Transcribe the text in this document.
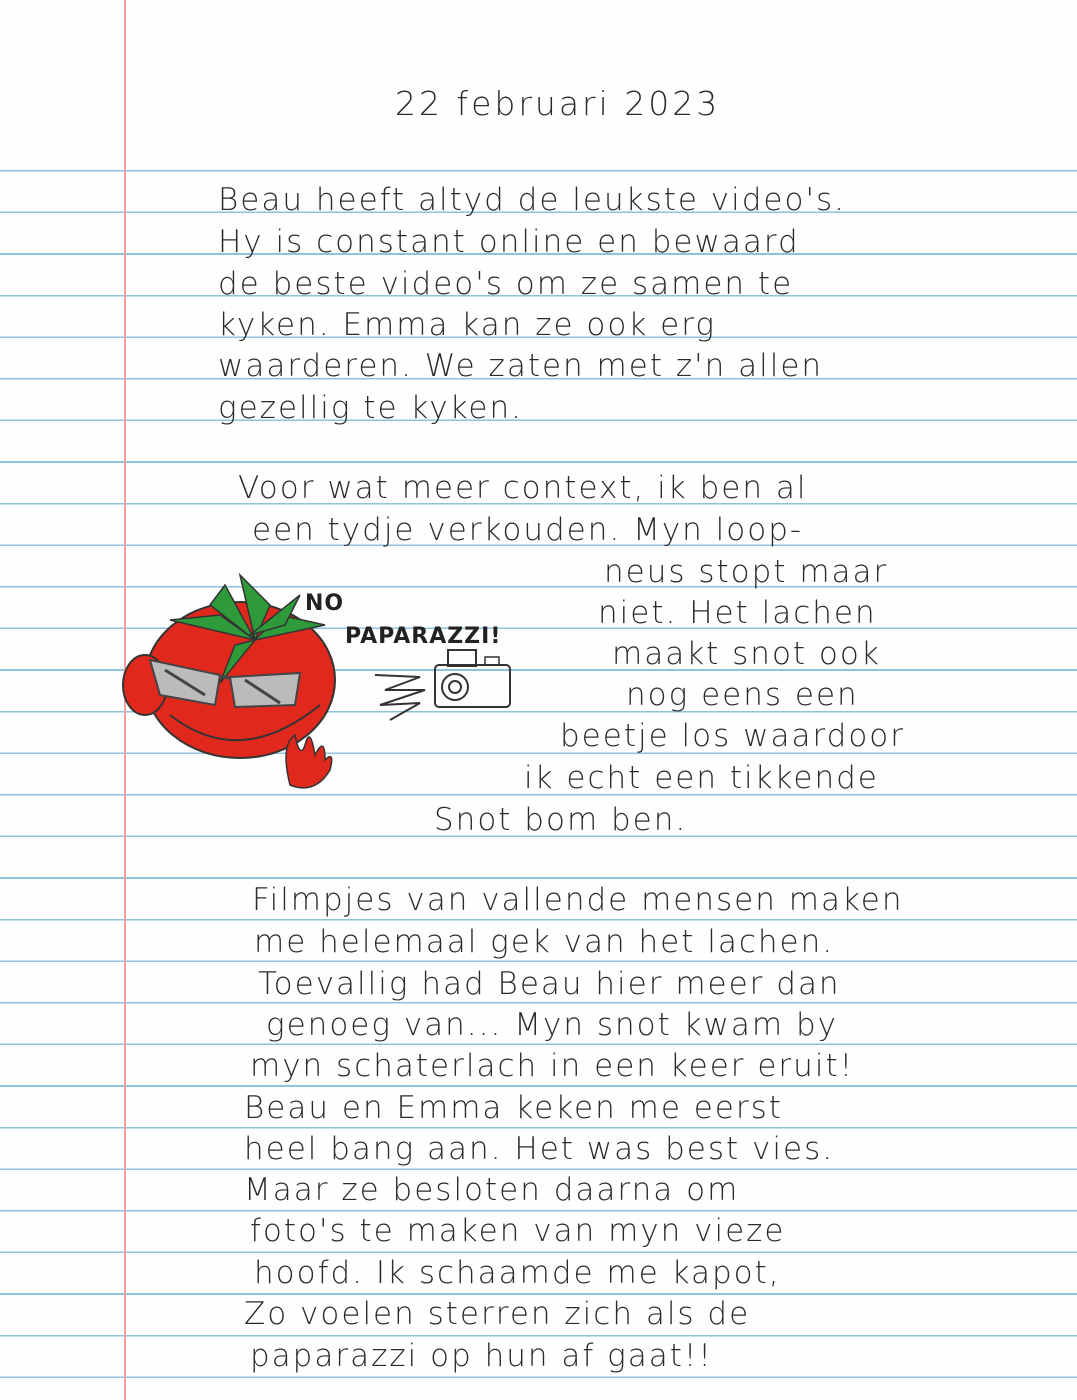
22 februari 2023
Beau heeft altyd de leukste video's.
Hy is constant online en bewaard
de beste video's om ze samen te
kyken. Emma kan ze ook erg
waarderen. We zaten met z'n allen
gezellig te kyken.
Voor wat meer context, ik ben al
een tydje verkouden. Myn loop-
neus stopt maar
niet. Het lachen
maakt snot ook
nog eens een
beetje los waardoor
ik echt een tikkende
Snot bom ben.
NO
PAPARAZZI!
Filmpjes van vallende mensen maken
me helemaal gek van het lachen.
Toevallig had Beau hier meer dan
genoeg van... Myn snot kwam by
myn schaterlach in een keer eruit!
Beau en Emma keken me eerst
heel bang aan. Het was best vies.
Maar ze besloten daarna om
foto's te maken van myn vieze
hoofd. Ik schaamde me kapot,
Zo voelen sterren zich als de
paparazzi op hun af gaat!!
